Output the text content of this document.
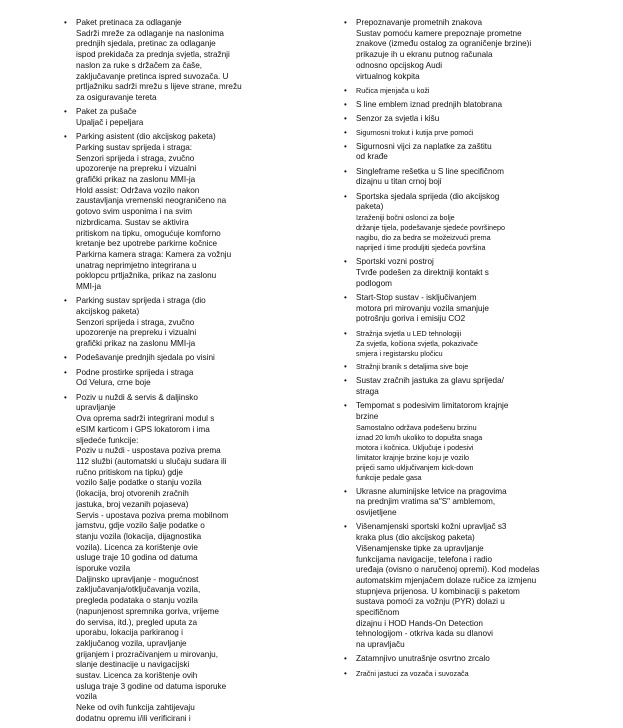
• Paket pretinaca za odlaganje
Sadrži mreže za odlaganje na naslonima
prednjih sjedala, pretinac za odlaganje
ispod prekidača za prednja svjetla, stražnji
naslon za ruke s držačem za čaše,
zaključavanje pretinca ispred suvozača. U
prtljažniku sadrži mrežu s lijeve strane, mrežu
za osiguravanje tereta
• Paket za pušače
Upaljač i pepeljara
• Parking asistent (dio akcijskog paketa)
Parking sustav sprijeda i straga:
Senzori sprijeda i straga, zvučno
upozorenje na prepreku i vizualni
grafički prikaz na zaslonu MMI-ja
Hold assist: Održava vozilo nakon
zaustavljanja vremenski neograničeno na
gotovo svim usponima i na svim
nizbrdicama. Sustav se aktivira
pritiskom na tipku, omogućuje komforno
kretanje bez upotrebe parkirne kočnice
Parkirna kamera straga: Kamera za vožnju
unatrag neprimjetno integrirana u
poklopcu prtljažnika, prikaz na zaslonu
MMI-ja
• Parking sustav sprijeda i straga (dio
akcijskog paketa)
Senzori sprijeda i straga, zvučno
upozorenje na prepreku i vizualni
grafički prikaz na zaslonu MMI-ja
• Podešavanje prednjih sjedala po visini
• Podne prostirke sprijeda i straga
Od Velura, crne boje
• Poziv u nuždi & servis & daljinsko
upravljanje
Ova oprema sadrži integrirani modul s
eSIM karticom i GPS lokatorom i ima
sljedeće funkcije:
Poziv u nuždi - uspostava poziva prema
112 službi (automatski u slučaju sudara ili
ručno pritiskom na tipku) gdje
vozilo šalje podatke o stanju vozila
(lokacija, broj otvorenih zračnih
jastuka, broj vezanih pojaseva)
Servis - upostava poziva prema mobilnom
jamstvu, gdje vozilo šalje podatke o
stanju vozila (lokacija, dijagnostika
vozila). Licenca za korištenje ovie
usluge traje 10 godina od datuma
isporuke vozila
Daljinsko upravljanje - mogućnost
zaključavanja/otključavanja vozila,
pregleda podataka o stanju vozila
(napunjenost spremnika goriva, vrijeme
do servisa, itd.), pregled uputa za
uporabu, lokacija parkiranog i
zaključanog vozila, upravljanje
grijanjem i prozračivanjem u mirovanju,
slanje destinacije u navigacijski
sustav. Licenca za korištenje ovih
usluga traje 3 godine od datuma isporuke
vozila
Neke od ovih funkcija zahtijevaju
dodatnu opremu i/ili verificirani i
• Prepoznavanje prometnih znakova
Sustav pomoću kamere prepoznaje prometne
znakove (između ostalog za ograničenje brzine)i
prikazuje ih u ekranu putnog računala
odnosno opcijskog Audi
virtualnog kokpita
• Ručica mjenjača u koži
• S line emblem iznad prednjih blatobrana
• Senzor za svjetla i kišu
• Sigurnosni trokut i kutija prve pomoći
• Sigurnosni vijci za naplatke za zaštitu
od krađe
• Singleframe rešetka u S line specifičnom
dizajnu u titan crnoj boji
• Sportska sjedala sprijeda (dio akcijskog
paketa)
Izraženiji bočni oslonci za bolje
držanje tijela, podešavanje sjedeće površinepo
nagibu, dio za bedra se možeizvući prema
naprijed i time produljiti sjedeća površina
• Sportski vozni postroj
Tvrđe podešen za direktniji kontakt s
podlogom
• Start-Stop sustav - isključivanjem
motora pri mirovanju vozila smanjuje
potrošnju goriva i emisiju CO2
• Stražnja svjetla u LED tehnologiji
Za svjetla, kočiona svjetla, pokazivače
smjera i registarsku pločicu
• Stražnji branik s detaljima sive boje
• Sustav zračnih jastuka za glavu sprijeda/
straga
• Tempomat s podesivim limitatorom krajnje
brzine
Samostalno održava podešenu brzinu
iznad 20 km/h ukoliko to dopušta snaga
motora i kočnica. Uključuje i podesivi
limitator krajnje brzine koju je vozilo
prijeći samo uključivanjem kick-down
funkcije pedale gasa
• Ukrasne aluminijske letvice na pragovima
na prednjim vratima sa"S" amblemom,
osvijetljene
• Višenamjenski sportski kožni upravljač s3
kraka plus (dio akcijskog paketa)
Višenamjenske tipke za upravljanje
funkcijama navigacije, telefona i radio
uređaja (ovisno o naručenoj opremi). Kod modelas
automatskim mjenjačem dolaze ručice za izmjenu
stupnjeva prijenosa. U kombinaciji s paketom
sustava pomoći za vožnju (PYR) dolazi u
specifičnom
dizajnu i HOD Hands-On Detection
tehnologijom - otkriva kada su dlanovi
na upravljaču
• Zatamnjivo unutrašnje osvrtno zrcalo
• Zračni jastuci za vozača i suvozača
